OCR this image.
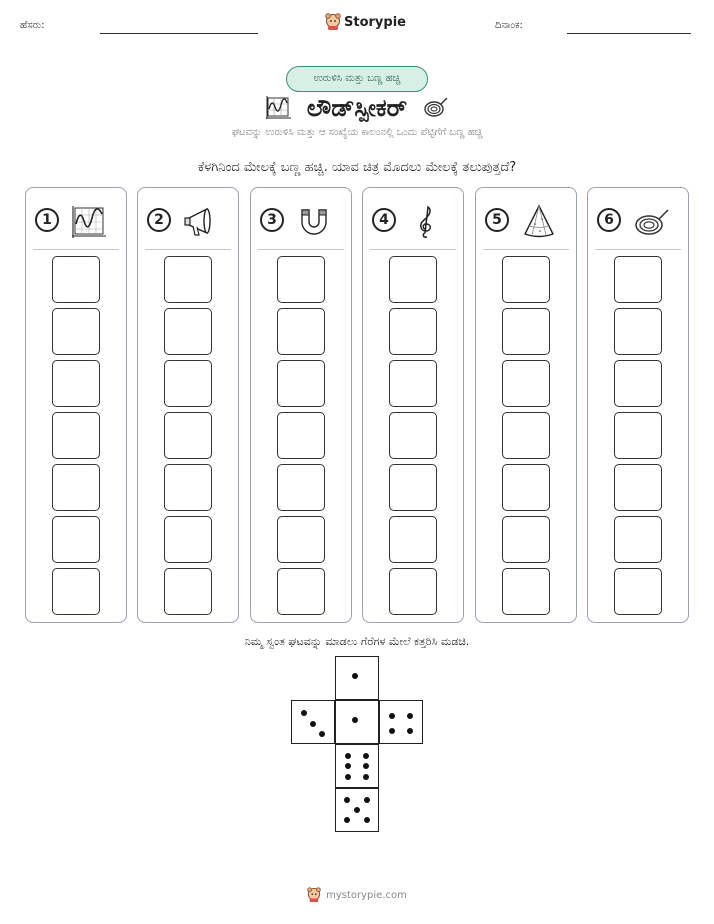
ಹೆಸರು:	Storypie	ದಿನಾಂಕ:
ಉರುಳಿಸಿ ಮತ್ತು ಬಣ್ಣ ಹಚ್ಚಿ
ಲೌಡ್‌ಸ್ಪೀಕರ್
ಘಟವನ್ನು ಉರುಳಿಸಿ ಮತ್ತು ಆ ಸಂಖ್ಯೆಯ ಕಾಲಂನಲ್ಲಿ ಒಂದು ಪೆಟ್ಟಿಗೆಗೆ ಬಣ್ಣ ಹಚ್ಚಿ
ಕೆಳಗಿನಿಂದ ಮೇಲಕ್ಕೆ ಬಣ್ಣ ಹಚ್ಚಿ. ಯಾವ ಚಿತ್ರ ಮೊದಲು ಮೇಲಕ್ಕೆ ತಲುಪುತ್ತದೆ?
1	2	3	4	5	6
ನಿಮ್ಮ ಸ್ವಂತ ಘಟವನ್ನು ಮಾಡಲು ಗೆರೆಗಳ ಮೇಲೆ ಕತ್ತರಿಸಿ ಮಡಚಿ.
mystorypie.com
